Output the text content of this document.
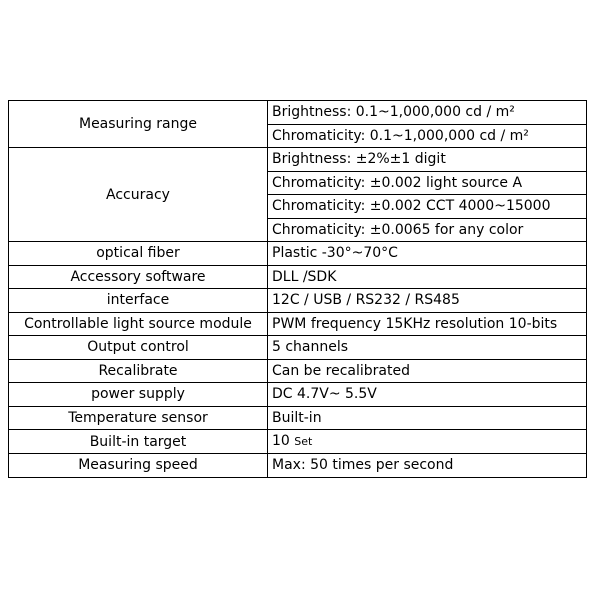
Measuring range	Brightness: 0.1~1,000,000 cd / m²
	Chromaticity: 0.1~1,000,000 cd / m²
Accuracy	Brightness: ±2%±1 digit
	Chromaticity: ±0.002 light source A
	Chromaticity: ±0.002 CCT 4000~15000
	Chromaticity: ±0.0065 for any color
optical fiber	Plastic -30°~70°C
Accessory software	DLL /SDK
interface	12C / USB / RS232 / RS485
Controllable light source module	PWM frequency 15KHz resolution 10-bits
Output control	5 channels
Recalibrate	Can be recalibrated
power supply	DC 4.7V~ 5.5V
Temperature sensor	Built-in
Built-in target	10 Set
Measuring speed	Max: 50 times per second
